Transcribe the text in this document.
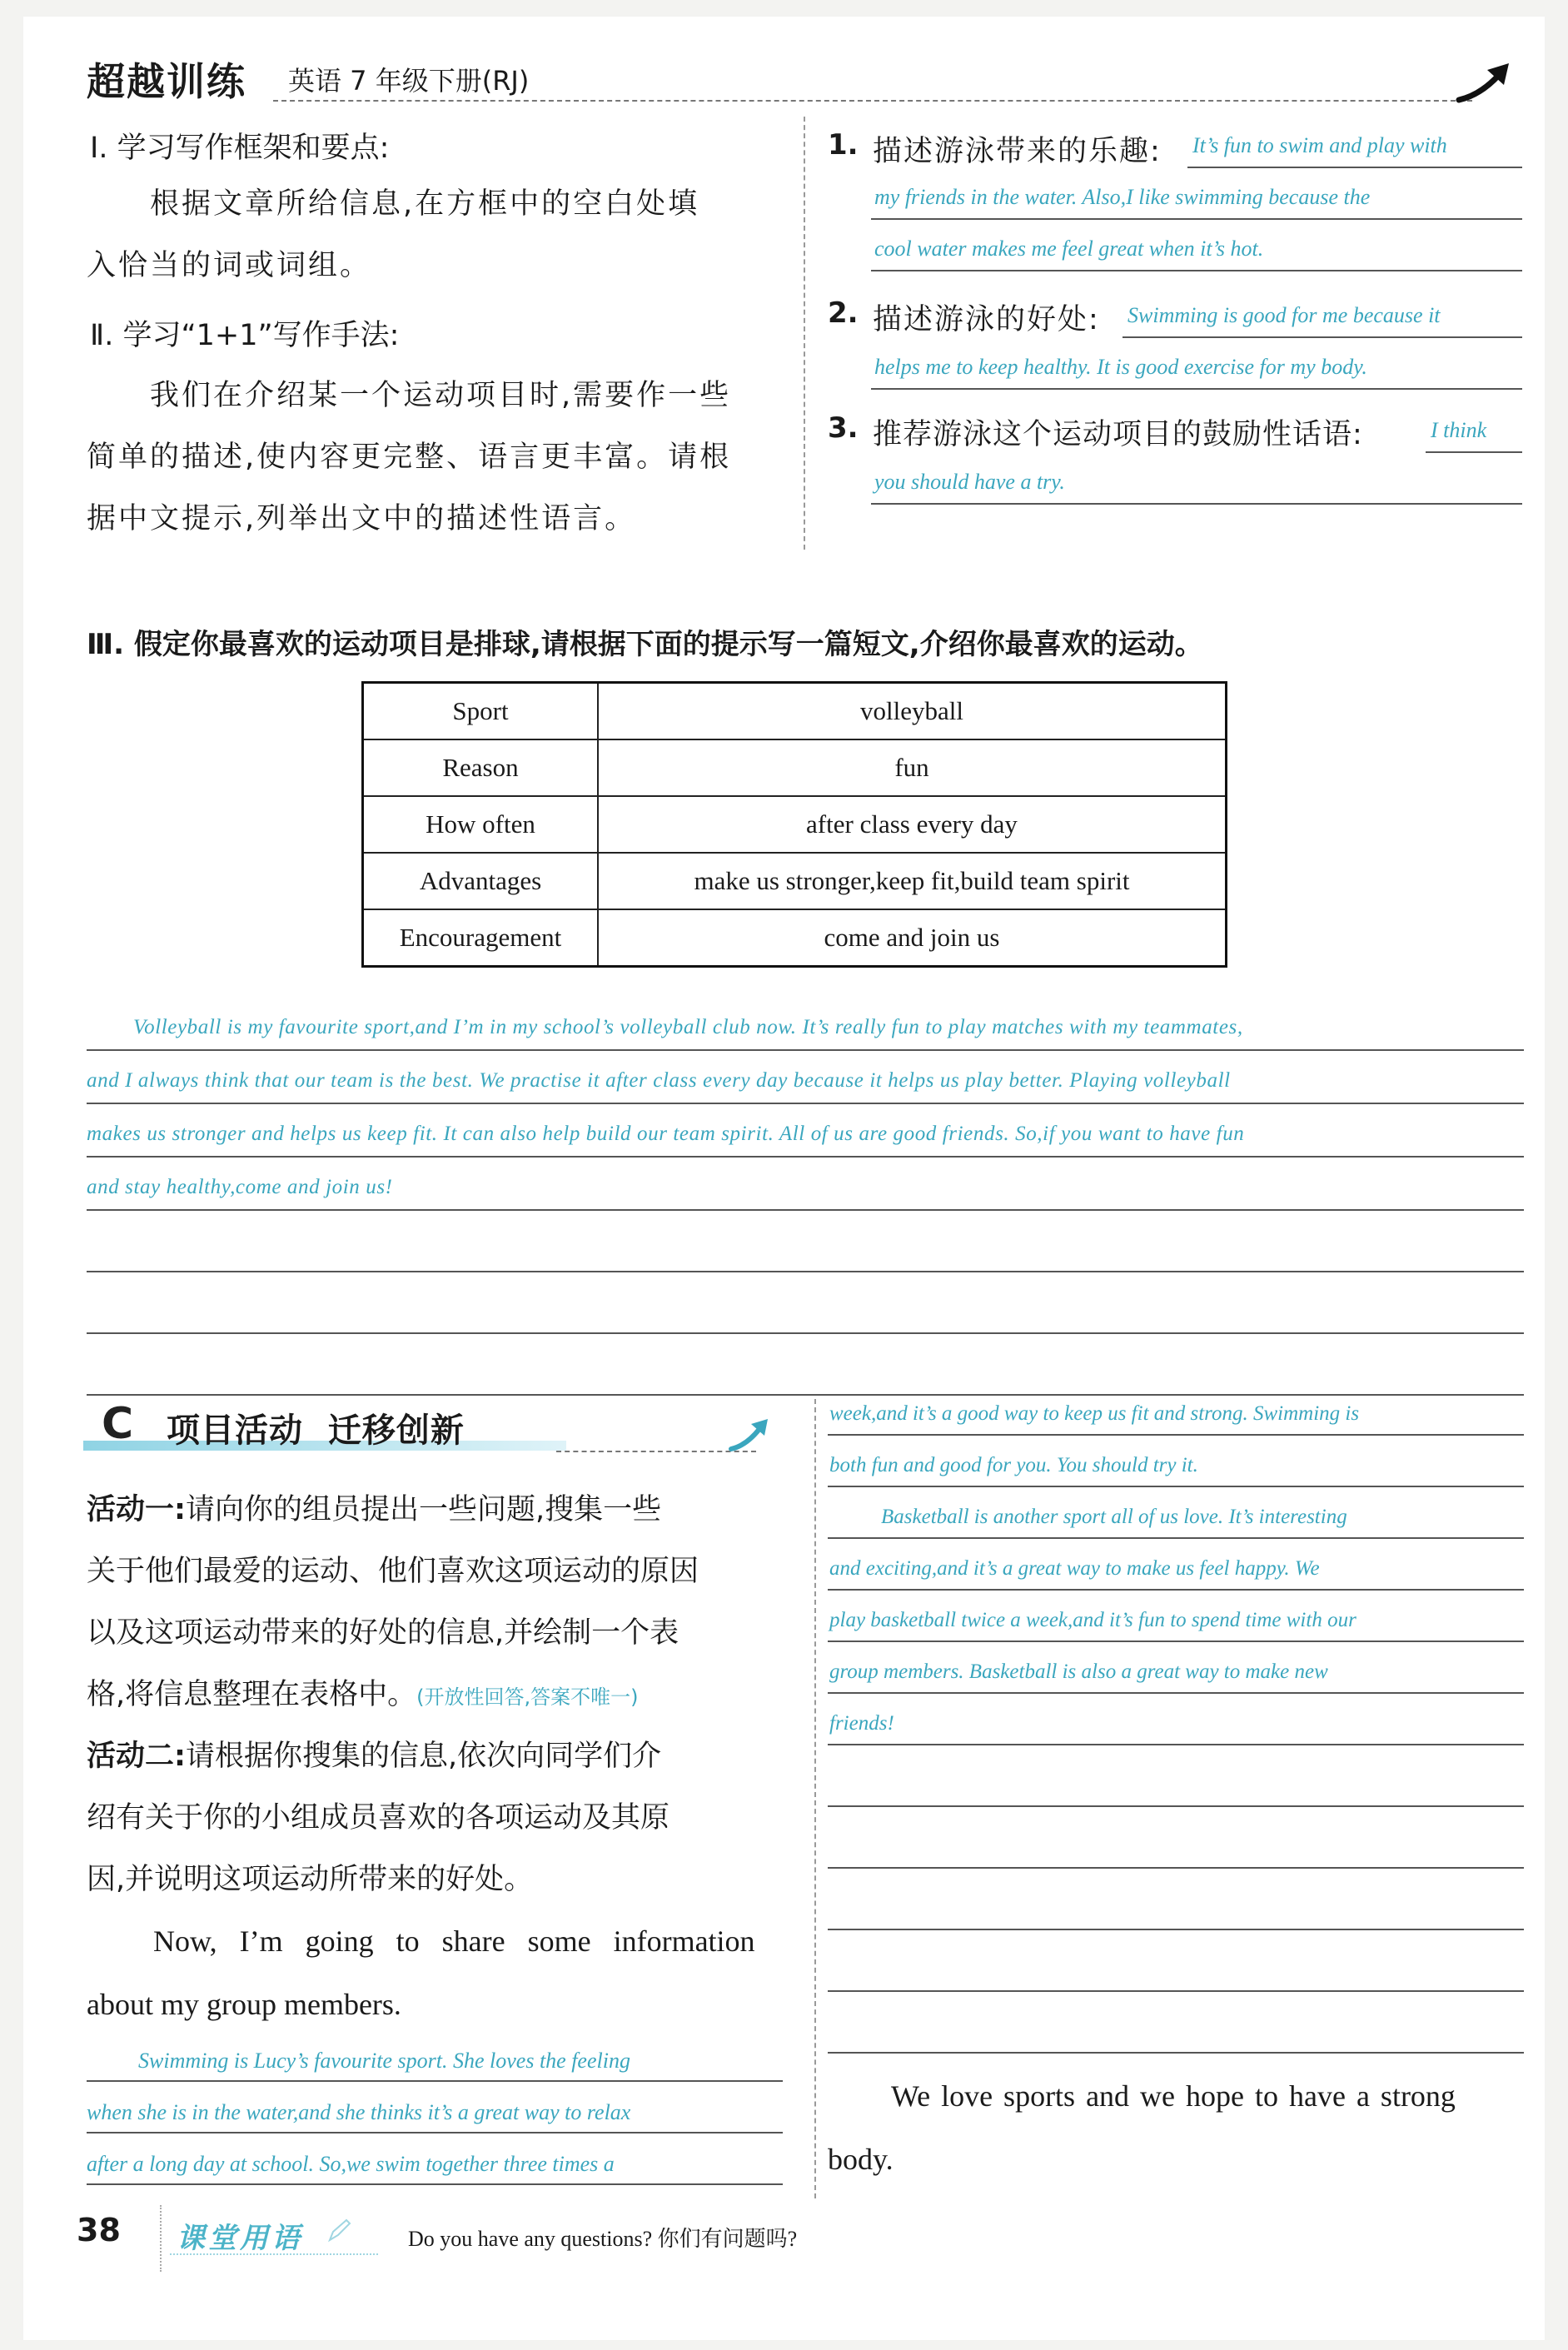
超越训练 英语 7 年级下册(RJ)
Ⅰ. 学习写作框架和要点:
根据文章所给信息,在方框中的空白处填
入恰当的词或词组。
Ⅱ. 学习“1+1”写作手法:
我们在介绍某一个运动项目时,需要作一些
简单的描述,使内容更完整、语言更丰富。请根
据中文提示,列举出文中的描述性语言。
1. 描述游泳带来的乐趣: It’s fun to swim and play with
my friends in the water. Also,I like swimming because the
cool water makes me feel great when it’s hot.
2. 描述游泳的好处: Swimming is good for me because it
helps me to keep healthy. It is good exercise for my body.
3. 推荐游泳这个运动项目的鼓励性话语:	I think
you should have a try.
Ⅲ. 假定你最喜欢的运动项目是排球,请根据下面的提示写一篇短文,介绍你最喜欢的运动。
Sport	volleyball
Reason	fun
How often	after class every day
Advantages	make us stronger,keep fit,build team spirit
Encouragement	come and join us
Volleyball is my favourite sport,and I’m in my school’s volleyball club now. It’s really fun to play matches with my teammates,
and I always think that our team is the best. We practise it after class every day because it helps us play better. Playing volleyball
makes us stronger and helps us keep fit. It can also help build our team spirit. All of us are good friends. So,if you want to have fun
and stay healthy,come and join us!
C 项目活动  迁移创新
活动一:请向你的组员提出一些问题,搜集一些
关于他们最爱的运动、他们喜欢这项运动的原因
以及这项运动带来的好处的信息,并绘制一个表
格,将信息整理在表格中。(开放性回答,答案不唯一)
活动二:请根据你搜集的信息,依次向同学们介
绍有关于你的小组成员喜欢的各项运动及其原
因,并说明这项运动所带来的好处。
Now, I’m going to share some information
about my group members.
Swimming is Lucy’s favourite sport. She loves the feeling
when she is in the water,and she thinks it’s a great way to relax
after a long day at school. So,we swim together three times a
week,and it’s a good way to keep us fit and strong. Swimming is
both fun and good for you. You should try it.
Basketball is another sport all of us love. It’s interesting
and exciting,and it’s a great way to make us feel happy. We
play basketball twice a week,and it’s fun to spend time with our
group members. Basketball is also a great way to make new
friends!
We love sports and we hope to have a strong
body.
38 课堂用语	Do you have any questions? 你们有问题吗?
